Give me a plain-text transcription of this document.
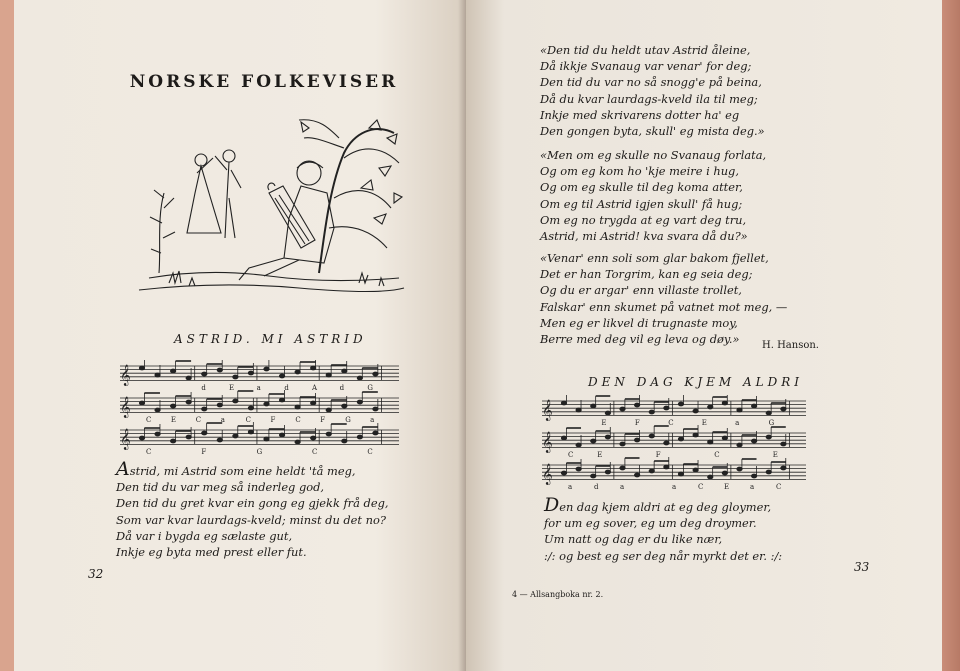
NORSKE FOLKEVISER
ASTRID. MI ASTRID
𝄞
𝄞
𝄞
d	E	a	d	A	d	G
C	E	C	a	C	F	C	F	G	a
C	F	G	C	C
Astrid, mi Astrid som eine heldt 'tå meg,
Den tid du var meg så inderleg god,
Den tid du gret kvar ein gong eg gjekk frå deg,
Som var kvar laurdags-kveld; minst du det no?
Då var i bygda eg sælaste gut,
Inkje eg byta med prest eller fut.
32
«Den tid du heldt utav Astrid åleine,
Då ikkje Svanaug var venar' for deg;
Den tid du var no så snogg'e på beina,
Då du kvar laurdags-kveld ila til meg;
Inkje med skrivarens dotter ha' eg
Den gongen byta, skull' eg mista deg.»
«Men om eg skulle no Svanaug forlata,
Og om eg kom ho 'kje meire i hug,
Og om eg skulle til deg koma atter,
Om eg til Astrid igjen skull' få hug;
Om eg no trygda at eg vart deg tru,
Astrid, mi Astrid! kva svara då du?»
«Venar' enn soli som glar bakom fjellet,
Det er han Torgrim, kan eg seia deg;
Og du er argar' enn villaste trollet,
Falskar' enn skumet på vatnet mot meg, —
Men eg er likvel di trugnaste moy,
Berre med deg vil eg leva og døy.»	H. Hanson.
DEN DAG KJEM ALDRI
𝄞
𝄞
𝄞
E	F	C	E	a	G
C	E	F	C	E
a	d	a	a	C	E	a	C
Den dag kjem aldri at eg deg gloymer,
for um eg sover, eg um deg droymer.
Um natt og dag er du like nær,
:/: og best eg ser deg når myrkt det er. :/:
33
4 — Allsangboka nr. 2.
